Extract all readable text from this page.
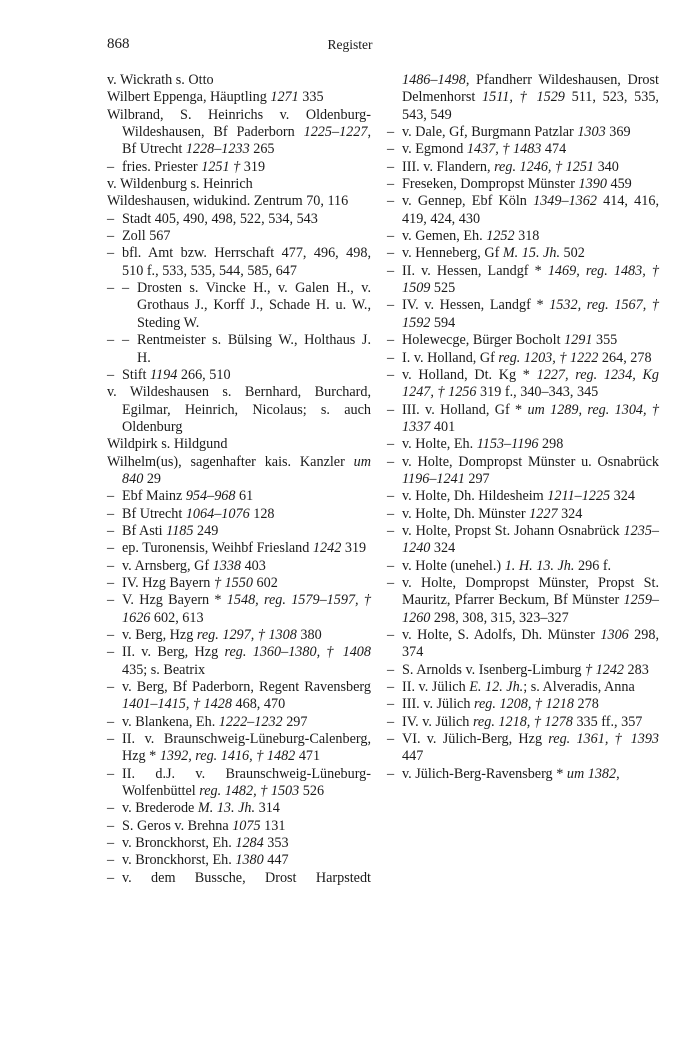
868	Register
v. Wickrath s. Otto
Wilbert Eppenga, Häuptling 1271 335
Wilbrand, S. Heinrichs v. Oldenburg-Wildeshausen, Bf Paderborn 1225–1227, Bf Utrecht 1228–1233 265
– fries. Priester 1251 † 319
v. Wildenburg s. Heinrich
Wildeshausen, widukind. Zentrum 70, 116
– Stadt 405, 490, 498, 522, 534, 543
– Zoll 567
– bfl. Amt bzw. Herrschaft 477, 496, 498, 510 f., 533, 535, 544, 585, 647
– – Drosten s. Vincke H., v. Galen H., v. Grothaus J., Korff J., Schade H. u. W., Steding W.
– – Rentmeister s. Bülsing W., Holthaus J. H.
– Stift 1194 266, 510
v. Wildeshausen s. Bernhard, Burchard, Egilmar, Heinrich, Nicolaus; s. auch Oldenburg
Wildpirk s. Hildgund
Wilhelm(us), sagenhafter kais. Kanzler um 840 29
– Ebf Mainz 954–968 61
– Bf Utrecht 1064–1076 128
– Bf Asti 1185 249
– ep. Turonensis, Weihbf Friesland 1242 319
– v. Arnsberg, Gf 1338 403
– IV. Hzg Bayern † 1550 602
– V. Hzg Bayern * 1548, reg. 1579–1597, † 1626 602, 613
– v. Berg, Hzg reg. 1297, † 1308 380
– II. v. Berg, Hzg reg. 1360–1380, † 1408 435; s. Beatrix
– v. Berg, Bf Paderborn, Regent Ravensberg 1401–1415, † 1428 468, 470
– v. Blankena, Eh. 1222–1232 297
– II. v. Braunschweig-Lüneburg-Calenberg, Hzg * 1392, reg. 1416, † 1482 471
– II. d.J. v. Braunschweig-Lüneburg-Wolfenbüttel reg. 1482, † 1503 526
– v. Brederode M. 13. Jh. 314
– S. Geros v. Brehna 1075 131
– v. Bronckhorst, Eh. 1284 353
– v. Bronckhorst, Eh. 1380 447
– v. dem Bussche, Drost Harpstedt
1486–1498, Pfandherr Wildeshausen, Drost Delmenhorst 1511, † 1529 511, 523, 535, 543, 549
– v. Dale, Gf, Burgmann Patzlar 1303 369
– v. Egmond 1437, † 1483 474
– III. v. Flandern, reg. 1246, † 1251 340
– Freseken, Dompropst Münster 1390 459
– v. Gennep, Ebf Köln 1349–1362 414, 416, 419, 424, 430
– v. Gemen, Eh. 1252 318
– v. Henneberg, Gf M. 15. Jh. 502
– II. v. Hessen, Landgf * 1469, reg. 1483, † 1509 525
– IV. v. Hessen, Landgf * 1532, reg. 1567, † 1592 594
– Holewecge, Bürger Bocholt 1291 355
– I. v. Holland, Gf reg. 1203, † 1222 264, 278
– v. Holland, Dt. Kg * 1227, reg. 1234, Kg 1247, † 1256 319 f., 340–343, 345
– III. v. Holland, Gf * um 1289, reg. 1304, † 1337 401
– v. Holte, Eh. 1153–1196 298
– v. Holte, Dompropst Münster u. Osnabrück 1196–1241 297
– v. Holte, Dh. Hildesheim 1211–1225 324
– v. Holte, Dh. Münster 1227 324
– v. Holte, Propst St. Johann Osnabrück 1235–1240 324
– v. Holte (unehel.) 1. H. 13. Jh. 296 f.
– v. Holte, Dompropst Münster, Propst St. Mauritz, Pfarrer Beckum, Bf Münster 1259–1260 298, 308, 315, 323–327
– v. Holte, S. Adolfs, Dh. Münster 1306 298, 374
– S. Arnolds v. Isenberg-Limburg † 1242 283
– II. v. Jülich E. 12. Jh.; s. Alveradis, Anna
– III. v. Jülich reg. 1208, † 1218 278
– IV. v. Jülich reg. 1218, † 1278 335 ff., 357
– VI. v. Jülich-Berg, Hzg reg. 1361, † 1393 447
– v. Jülich-Berg-Ravensberg * um 1382,
